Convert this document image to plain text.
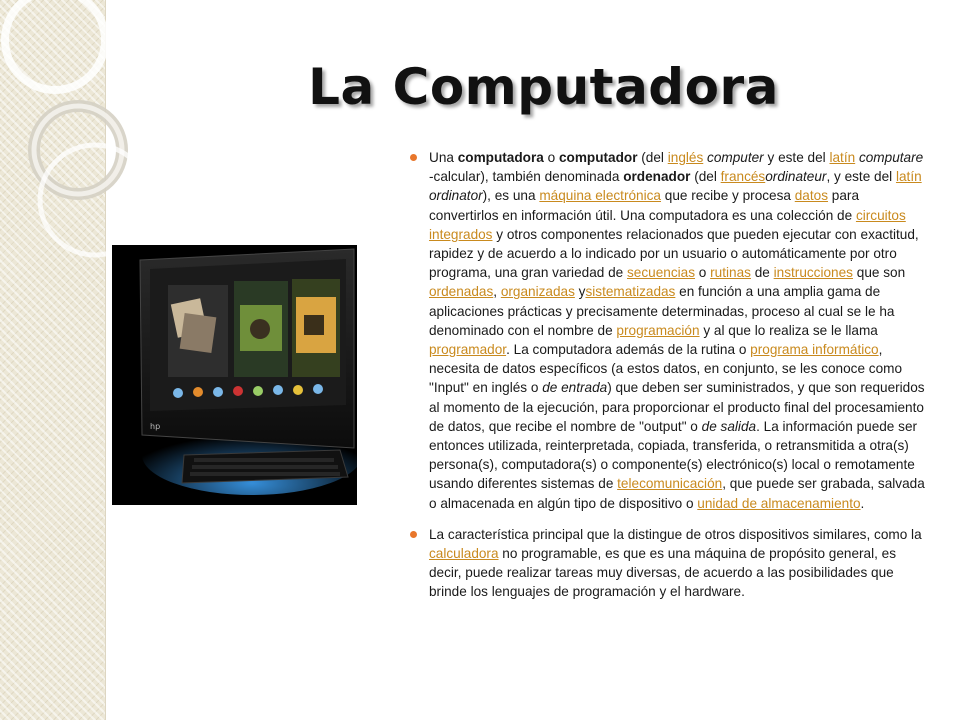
La Computadora
hp
Una computadora o computador (del inglés computer y este del latín computare -calcular), también denominada ordenador (del francésordinateur, y este del latín ordinator), es una máquina electrónica que recibe y procesa datos para convertirlos en información útil. Una computadora es una colección de circuitos integrados y otros componentes relacionados que pueden ejecutar con exactitud, rapidez y de acuerdo a lo indicado por un usuario o automáticamente por otro programa, una gran variedad de secuencias o rutinas de instrucciones que son ordenadas, organizadas ysistematizadas en función a una amplia gama de aplicaciones prácticas y precisamente determinadas, proceso al cual se le ha denominado con el nombre de programación y al que lo realiza se le llama programador. La computadora además de la rutina o programa informático, necesita de datos específicos (a estos datos, en conjunto, se les conoce como "Input" en inglés o de entrada) que deben ser suministrados, y que son requeridos al momento de la ejecución, para proporcionar el producto final del procesamiento de datos, que recibe el nombre de "output" o de salida. La información puede ser entonces utilizada, reinterpretada, copiada, transferida, o retransmitida a otra(s) persona(s), computadora(s) o componente(s) electrónico(s) local o remotamente usando diferentes sistemas de telecomunicación, que puede ser grabada, salvada o almacenada en algún tipo de dispositivo o unidad de almacenamiento.
La característica principal que la distingue de otros dispositivos similares, como la calculadora no programable, es que es una máquina de propósito general, es decir, puede realizar tareas muy diversas, de acuerdo a las posibilidades que brinde los lenguajes de programación y el hardware.
